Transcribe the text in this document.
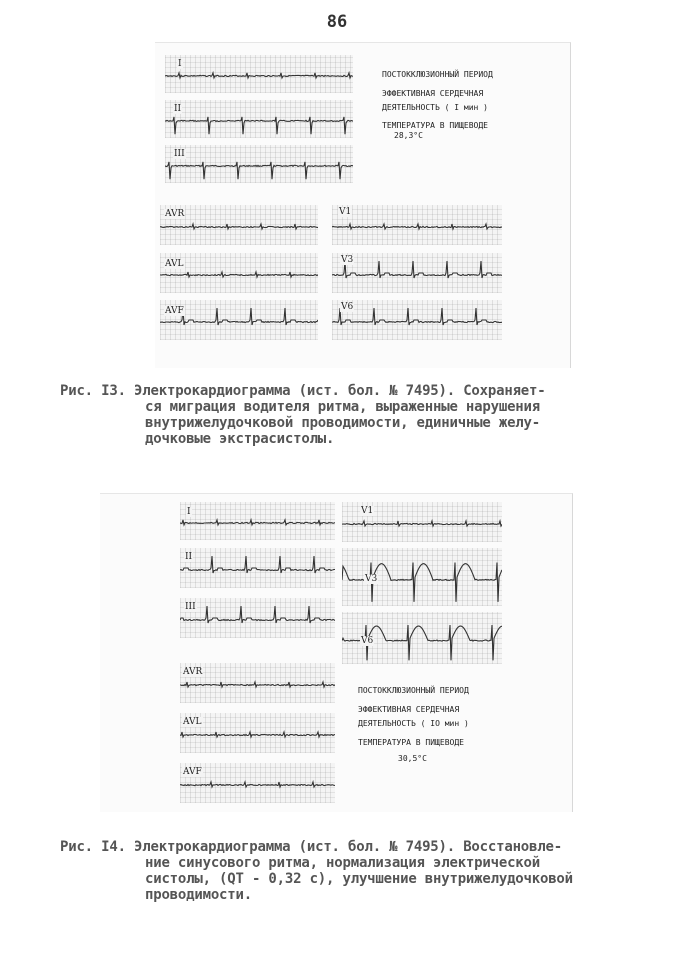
86
I
II
III
ПОСТОККЛЮЗИОННЫЙ ПЕРИОД
ЭФФЕКТИВНАЯ СЕРДЕЧНАЯ
ДЕЯТЕЛЬНОСТЬ ( I мин )
ТЕМПЕРАТУРА В ПИЩЕВОДЕ
28,3°С
AVR
AVL
AVF
V1
V3
V6
Рис. I3. Электрокардиограмма (ист. бол. № 7495). Сохраняет-
ся миграция водителя ритма, выраженные нарушения
внутрижелудочковой проводимости, единичные желу-
дочковые экстрасистолы.
I
II
III
V1
V3
V6
AVR
AVL
AVF
ПОСТОККЛЮЗИОННЫЙ ПЕРИОД
ЭФФЕКТИВНАЯ СЕРДЕЧНАЯ
ДЕЯТЕЛЬНОСТЬ ( IO мин )
ТЕМПЕРАТУРА В ПИЩЕВОДЕ
30,5°С
Рис. I4. Электрокардиограмма (ист. бол. № 7495). Восстановле-
ние синусового ритма, нормализация электрической
систолы, (QT - 0,32 с), улучшение внутрижелудочковой
проводимости.
